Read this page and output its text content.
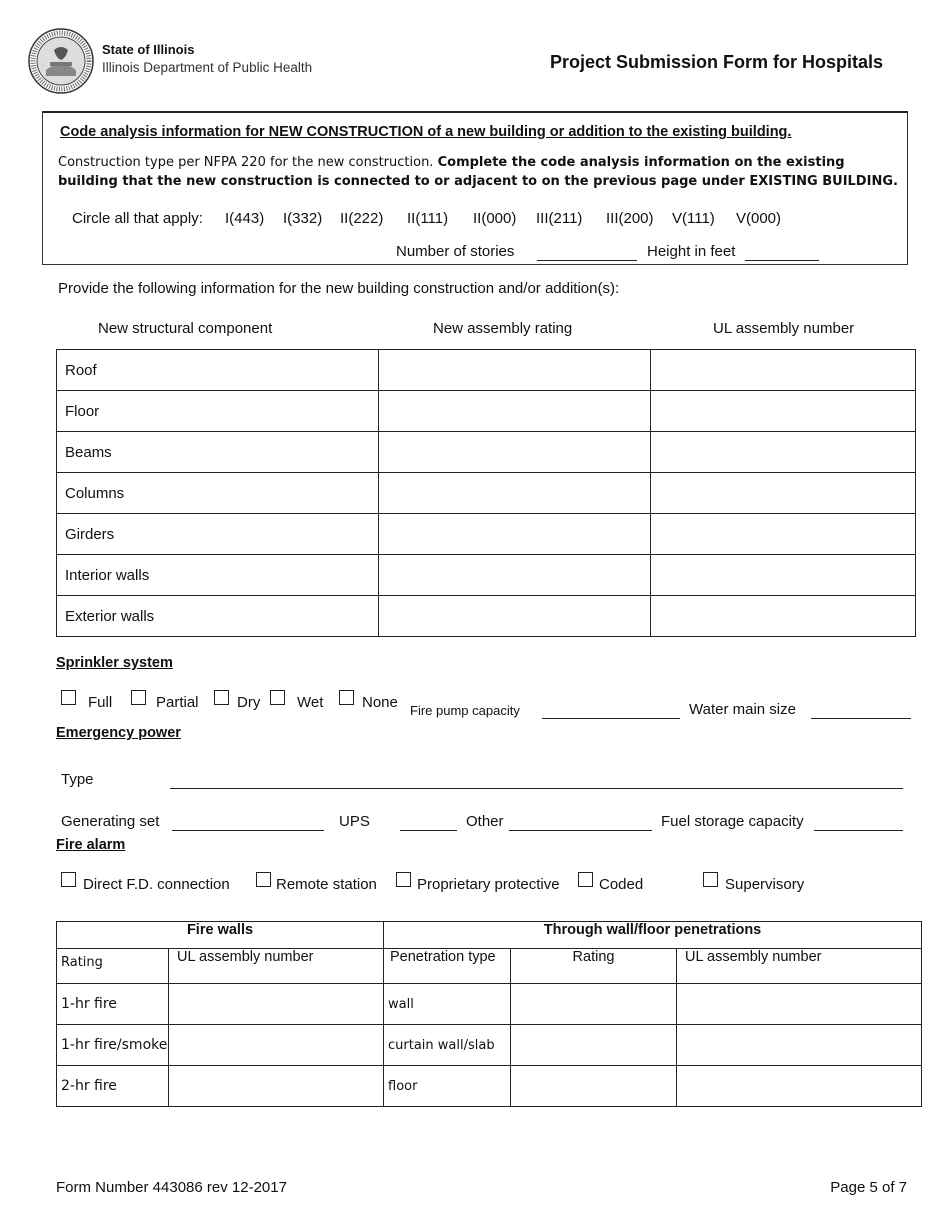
State of Illinois
Illinois Department of Public Health	Project Submission Form for Hospitals
Code analysis information for NEW CONSTRUCTION of a new building or addition to the existing building.
Construction type per NFPA 220 for the new construction. Complete the code analysis information on the existing building that the new construction is connected to or adjacent to on the previous page under EXISTING BUILDING.
Circle all that apply: I(443) I(332) II(222) II(111) II(000) III(211) III(200) V(111) V(000)
Number of stories	Height in feet
Provide the following information for the new building construction and/or addition(s):
New structural component	New assembly rating	UL assembly number
Roof		
Floor		
Beams		
Columns		
Girders		
Interior walls		
Exterior walls		
Sprinkler system
Full	Partial	Dry Wet	None Fire pump capacity	Water main size
Emergency power
Type
Generating set	UPS	Other	Fuel storage capacity
Fire alarm
Direct F.D. connection	Remote station	Proprietary protective	Coded	Supervisory
Fire walls		Through wall/floor penetrations		
Rating	UL assembly number	Penetration type	Rating	UL assembly number
1-hr fire		wall		
1-hr fire/smoke		curtain wall/slab		
2-hr fire		floor		
Form Number 443086 rev 12-2017	Page 5 of 7
